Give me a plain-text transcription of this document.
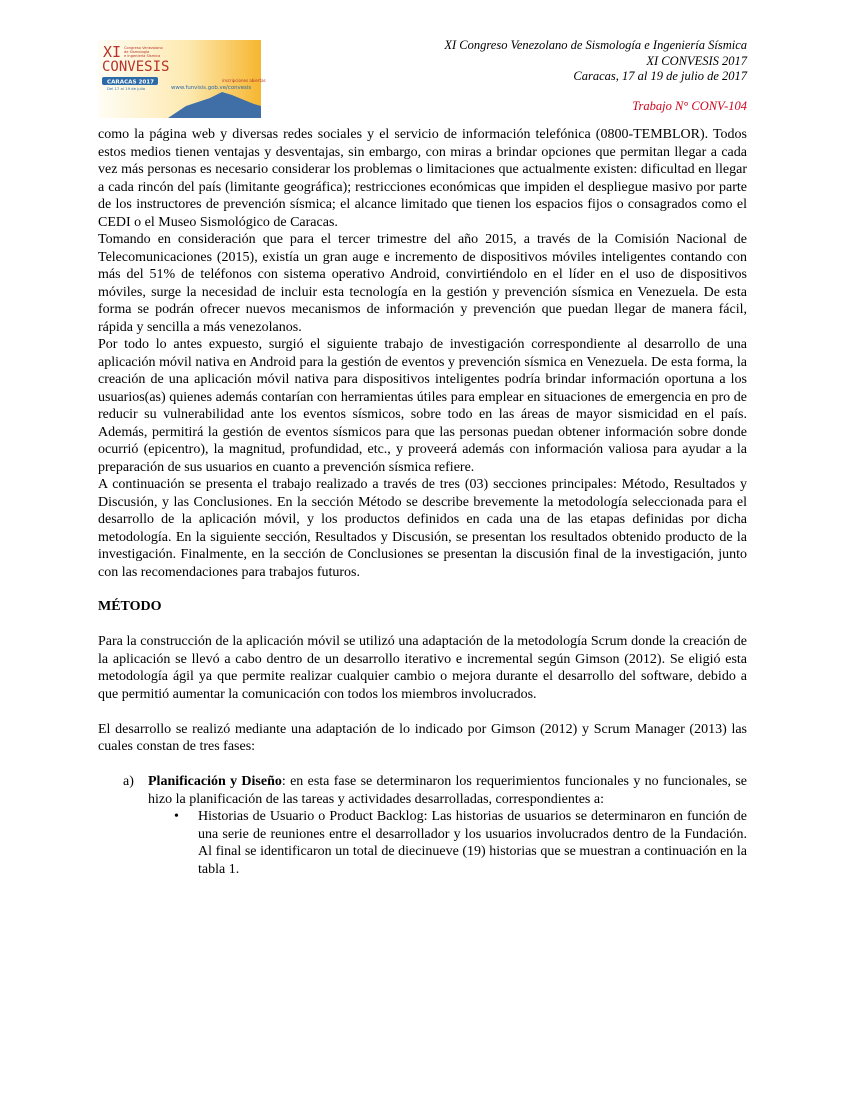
XI Congreso Venezolano
de Sismología
e Ingeniería Sísmica
CONVESIS
CARACAS 2017
Del 17 al 19 de julio
inscripciones abiertas
www.funvisis.gob.ve/convesis
XI Congreso Venezolano de Sismología e Ingeniería Sísmica
XI CONVESIS 2017
Caracas, 17 al 19 de julio de 2017
Trabajo N° CONV-104

como la página web y diversas redes sociales y el servicio de información telefónica (0800-TEMBLOR). Todos estos medios tienen ventajas y desventajas, sin embargo, con miras a brindar opciones que permitan llegar a cada vez más personas es necesario considerar los problemas o limitaciones que actualmente existen: dificultad en llegar a cada rincón del país (limitante geográfica); restricciones económicas que impiden el despliegue masivo por parte de los instructores de prevención sísmica; el alcance limitado que tienen los espacios fijos o consagrados como el CEDI o el Museo Sismológico de Caracas.

Tomando en consideración que para el tercer trimestre del año 2015, a través de la Comisión Nacional de Telecomunicaciones (2015), existía un gran auge e incremento de dispositivos móviles inteligentes contando con más del 51% de teléfonos con sistema operativo Android, convirtiéndolo en el líder en el uso de dispositivos móviles, surge la necesidad de incluir esta tecnología en la gestión y prevención sísmica en Venezuela. De esta forma se podrán ofrecer nuevos mecanismos de información y prevención que puedan llegar de manera fácil, rápida y sencilla a más venezolanos.

Por todo lo antes expuesto, surgió el siguiente trabajo de investigación correspondiente al desarrollo de una aplicación móvil nativa en Android para la gestión de eventos y prevención sísmica en Venezuela. De esta forma, la creación de una aplicación móvil nativa para dispositivos inteligentes podría brindar información oportuna a los usuarios(as) quienes además contarían con herramientas útiles para emplear en situaciones de emergencia en pro de reducir su vulnerabilidad ante los eventos sísmicos, sobre todo en las áreas de mayor sismicidad en el país. Además, permitirá la gestión de eventos sísmicos para que las personas puedan obtener información sobre donde ocurrió (epicentro), la magnitud, profundidad, etc., y proveerá además con información valiosa para ayudar a la preparación de sus usuarios en cuanto a prevención sísmica refiere.

A continuación se presenta el trabajo realizado a través de tres (03) secciones principales: Método, Resultados y Discusión, y las Conclusiones. En la sección Método se describe brevemente la metodología seleccionada para el desarrollo de la aplicación móvil, y los productos definidos en cada una de las etapas definidas por dicha metodología. En la siguiente sección, Resultados y Discusión, se presentan los resultados obtenido producto de la investigación. Finalmente, en la sección de Conclusiones se presentan la discusión final de la investigación, junto con las recomendaciones para trabajos futuros.

MÉTODO

Para la construcción de la aplicación móvil se utilizó una adaptación de la metodología Scrum donde la creación de la aplicación se llevó a cabo dentro de un desarrollo iterativo e incremental según Gimson (2012). Se eligió esta metodología ágil ya que permite realizar cualquier cambio o mejora durante el desarrollo del software, debido a que permitió aumentar la comunicación con todos los miembros involucrados.

El desarrollo se realizó mediante una adaptación de lo indicado por Gimson (2012) y Scrum Manager (2013) las cuales constan de tres fases:

a) Planificación y Diseño: en esta fase se determinaron los requerimientos funcionales y no funcionales, se hizo la planificación de las tareas y actividades desarrolladas, correspondientes a:
• Historias de Usuario o Product Backlog: Las historias de usuarios se determinaron en función de una serie de reuniones entre el desarrollador y los usuarios involucrados dentro de la Fundación. Al final se identificaron un total de diecinueve (19) historias que se muestran a continuación en la tabla 1.
